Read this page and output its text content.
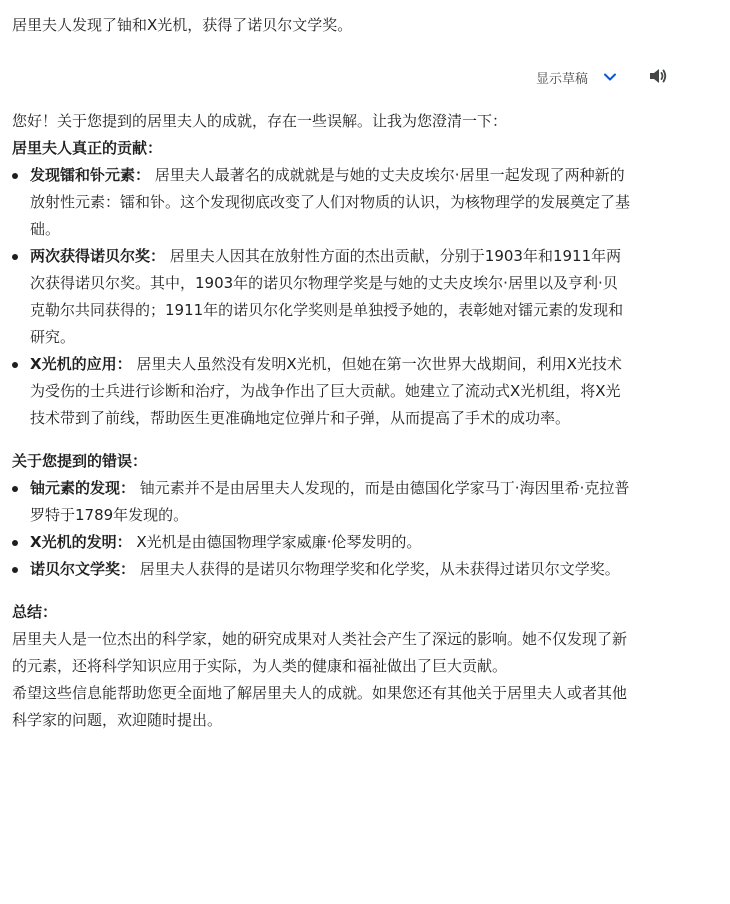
居里夫人发现了铀和X光机，获得了诺贝尔文学奖。
显示草稿

您好！关于您提到的居里夫人的成就，存在一些误解。让我为您澄清一下：

居里夫人真正的贡献：

发现镭和钋元素： 居里夫人最著名的成就就是与她的丈夫皮埃尔·居里一起发现了两种新的放射性元素：镭和钋。这个发现彻底改变了人们对物质的认识，为核物理学的发展奠定了基础。
两次获得诺贝尔奖： 居里夫人因其在放射性方面的杰出贡献，分别于1903年和1911年两次获得诺贝尔奖。其中，1903年的诺贝尔物理学奖是与她的丈夫皮埃尔·居里以及亨利·贝克勒尔共同获得的；1911年的诺贝尔化学奖则是单独授予她的，表彰她对镭元素的发现和研究。
X光机的应用： 居里夫人虽然没有发明X光机，但她在第一次世界大战期间，利用X光技术为受伤的士兵进行诊断和治疗，为战争作出了巨大贡献。她建立了流动式X光机组，将X光技术带到了前线，帮助医生更准确地定位弹片和子弹，从而提高了手术的成功率。

关于您提到的错误：

铀元素的发现： 铀元素并不是由居里夫人发现的，而是由德国化学家马丁·海因里希·克拉普罗特于1789年发现的。
X光机的发明： X光机是由德国物理学家威廉·伦琴发明的。
诺贝尔文学奖： 居里夫人获得的是诺贝尔物理学奖和化学奖，从未获得过诺贝尔文学奖。

总结：

居里夫人是一位杰出的科学家，她的研究成果对人类社会产生了深远的影响。她不仅发现了新的元素，还将科学知识应用于实际，为人类的健康和福祉做出了巨大贡献。

希望这些信息能帮助您更全面地了解居里夫人的成就。如果您还有其他关于居里夫人或者其他科学家的问题，欢迎随时提出。
